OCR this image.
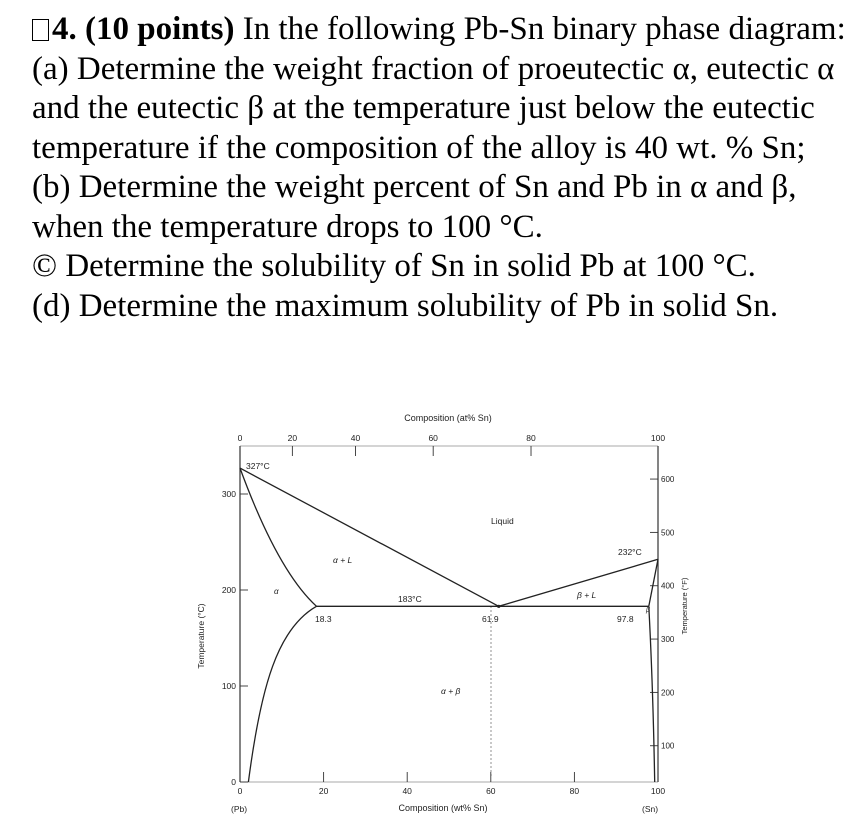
4. (10 points) In the following Pb-Sn binary phase diagram:

(a) Determine the weight fraction of proeutectic α, eutectic α and the eutectic β at the temperature just below the eutectic temperature if the composition of the alloy is 40 wt. % Sn;

(b) Determine the weight percent of Sn and Pb in α and β, when the temperature drops to 100 °C.

© Determine the solubility of Sn in solid Pb at 100 °C.

(d) Determine the maximum solubility of Pb in solid Sn.

0	20	40	60	80	100
0	20	40	60	80	100
0
100
200
300
100
200
300
400
500
600
Composition (at% Sn)
Composition (wt% Sn)
Temperature (°C)	Temperature (°F)
(Pb)	(Sn)
327°C
232°C
183°C
18.3	61.9	97.8
Liquid
α + L
β + L
α + β
α
β
